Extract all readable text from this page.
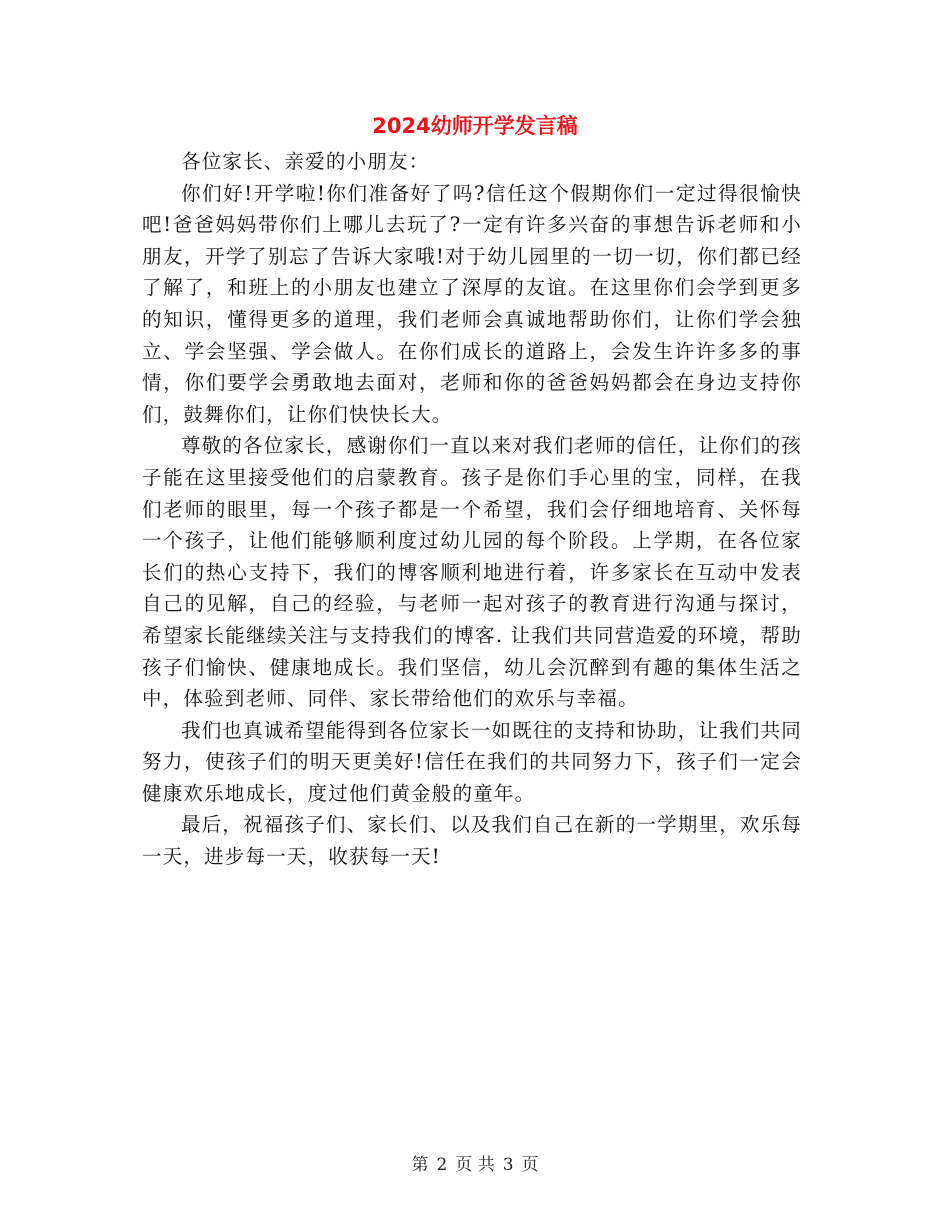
2024幼师开学发言稿

各位家长、亲爱的小朋友：

你们好!开学啦!你们准备好了吗?信任这个假期你们一定过得很愉快吧!爸爸妈妈带你们上哪儿去玩了?一定有许多兴奋的事想告诉老师和小朋友，开学了别忘了告诉大家哦!对于幼儿园里的一切一切，你们都已经了解了，和班上的小朋友也建立了深厚的友谊。在这里你们会学到更多的知识，懂得更多的道理，我们老师会真诚地帮助你们，让你们学会独立、学会坚强、学会做人。在你们成长的道路上，会发生许许多多的事情，你们要学会勇敢地去面对，老师和你的爸爸妈妈都会在身边支持你们，鼓舞你们，让你们快快长大。

尊敬的各位家长，感谢你们一直以来对我们老师的信任，让你们的孩子能在这里接受他们的启蒙教育。孩子是你们手心里的宝，同样，在我们老师的眼里，每一个孩子都是一个希望，我们会仔细地培育、关怀每一个孩子，让他们能够顺利度过幼儿园的每个阶段。上学期，在各位家长们的热心支持下，我们的博客顺利地进行着，许多家长在互动中发表自己的见解，自己的经验，与老师一起对孩子的教育进行沟通与探讨，希望家长能继续关注与支持我们的博客. 让我们共同营造爱的环境，帮助孩子们愉快、健康地成长。我们坚信，幼儿会沉醉到有趣的集体生活之中，体验到老师、同伴、家长带给他们的欢乐与幸福。

我们也真诚希望能得到各位家长一如既往的支持和协助，让我们共同努力，使孩子们的明天更美好!信任在我们的共同努力下，孩子们一定会健康欢乐地成长，度过他们黄金般的童年。

最后，祝福孩子们、家长们、以及我们自己在新的一学期里，欢乐每一天，进步每一天，收获每一天!

第 2 页 共 3 页
